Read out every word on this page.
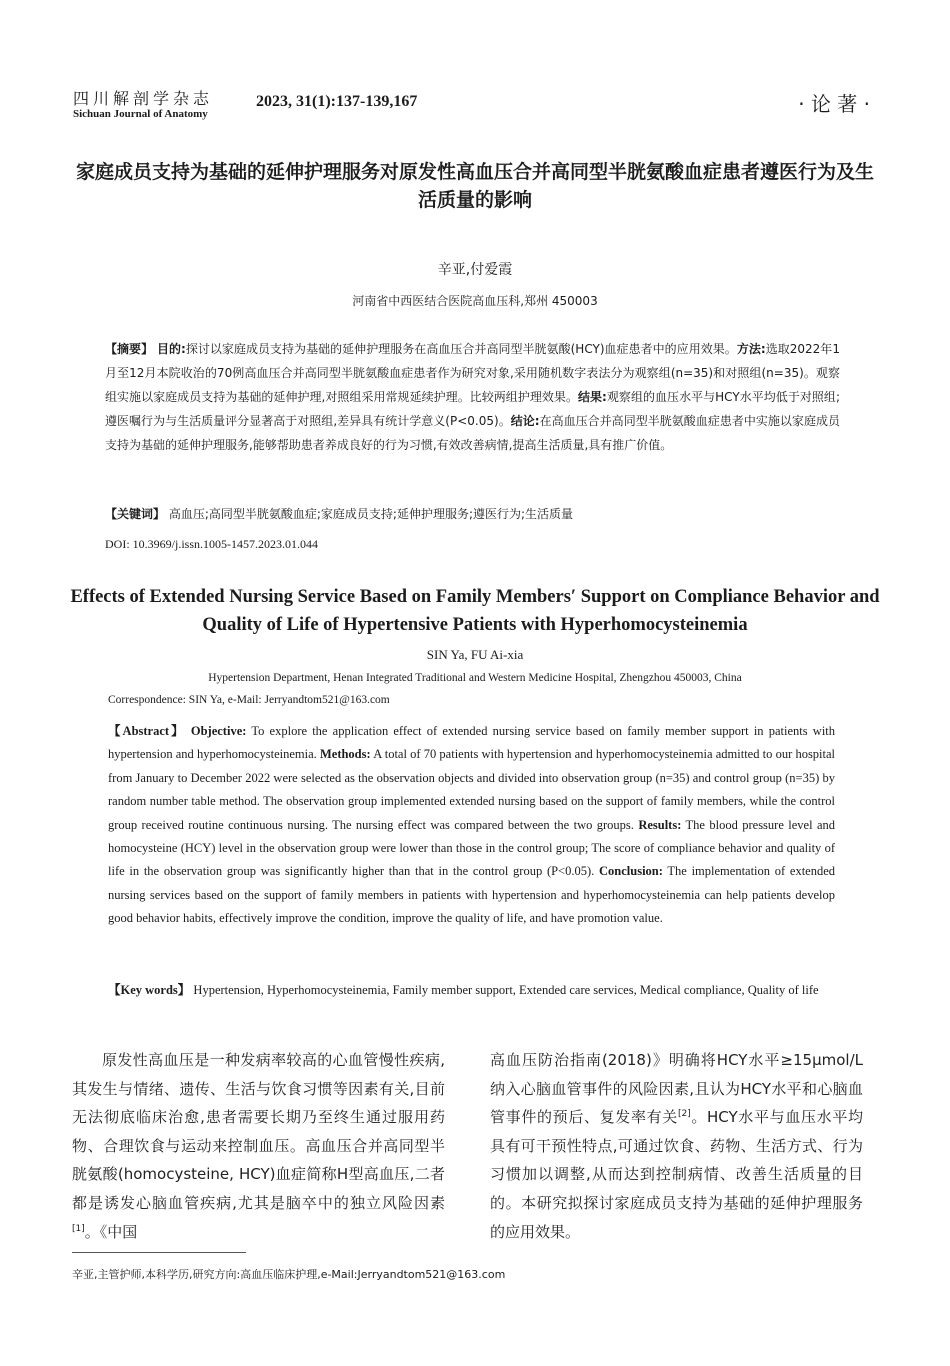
四川解剖学杂志
Sichuan Journal of Anatomy
2023, 31(1):137-139,167	· 论 著 ·
家庭成员支持为基础的延伸护理服务对原发性高血压合并高同型半胱氨酸血症患者遵医行为及生活质量的影响
辛亚,付爱霞
河南省中西医结合医院高血压科,郑州 450003
【摘要】 目的:探讨以家庭成员支持为基础的延伸护理服务在高血压合并高同型半胱氨酸(HCY)血症患者中的应用效果。方法:选取2022年1月至12月本院收治的70例高血压合并高同型半胱氨酸血症患者作为研究对象,采用随机数字表法分为观察组(n=35)和对照组(n=35)。观察组实施以家庭成员支持为基础的延伸护理,对照组采用常规延续护理。比较两组护理效果。结果:观察组的血压水平与HCY水平均低于对照组;遵医嘱行为与生活质量评分显著高于对照组,差异具有统计学意义(P<0.05)。结论:在高血压合并高同型半胱氨酸血症患者中实施以家庭成员支持为基础的延伸护理服务,能够帮助患者养成良好的行为习惯,有效改善病情,提高生活质量,具有推广价值。
【关键词】 高血压;高同型半胱氨酸血症;家庭成员支持;延伸护理服务;遵医行为;生活质量
DOI: 10.3969/j.issn.1005-1457.2023.01.044
Effects of Extended Nursing Service Based on Family Members′ Support on Compliance Behavior and Quality of Life of Hypertensive Patients with Hyperhomocysteinemia
SIN Ya, FU Ai-xia
Hypertension Department, Henan Integrated Traditional and Western Medicine Hospital, Zhengzhou 450003, China
Correspondence: SIN Ya, e-Mail: Jerryandtom521@163.com
【Abstract】 Objective: To explore the application effect of extended nursing service based on family member support in patients with hypertension and hyperhomocysteinemia. Methods: A total of 70 patients with hypertension and hyperhomocysteinemia admitted to our hospital from January to December 2022 were selected as the observation objects and divided into observation group (n=35) and control group (n=35) by random number table method. The observation group implemented extended nursing based on the support of family members, while the control group received routine continuous nursing. The nursing effect was compared between the two groups. Results: The blood pressure level and homocysteine (HCY) level in the observation group were lower than those in the control group; The score of compliance behavior and quality of life in the observation group was significantly higher than that in the control group (P<0.05). Conclusion: The implementation of extended nursing services based on the support of family members in patients with hypertension and hyperhomocysteinemia can help patients develop good behavior habits, effectively improve the condition, improve the quality of life, and have promotion value.
【Key words】 Hypertension, Hyperhomocysteinemia, Family member support, Extended care services, Medical compliance, Quality of life
原发性高血压是一种发病率较高的心血管慢性疾病,其发生与情绪、遗传、生活与饮食习惯等因素有关,目前无法彻底临床治愈,患者需要长期乃至终生通过服用药物、合理饮食与运动来控制血压。高血压合并高同型半胱氨酸(homocysteine, HCY)血症简称H型高血压,二者都是诱发心脑血管疾病,尤其是脑卒中的独立风险因素[1]。《中国
高血压防治指南(2018)》明确将HCY水平≥15μmol/L纳入心脑血管事件的风险因素,且认为HCY水平和心脑血管事件的预后、复发率有关[2]。HCY水平与血压水平均具有可干预性特点,可通过饮食、药物、生活方式、行为习惯加以调整,从而达到控制病情、改善生活质量的目的。本研究拟探讨家庭成员支持为基础的延伸护理服务的应用效果。
辛亚,主管护师,本科学历,研究方向:高血压临床护理,e-Mail:Jerryandtom521@163.com
